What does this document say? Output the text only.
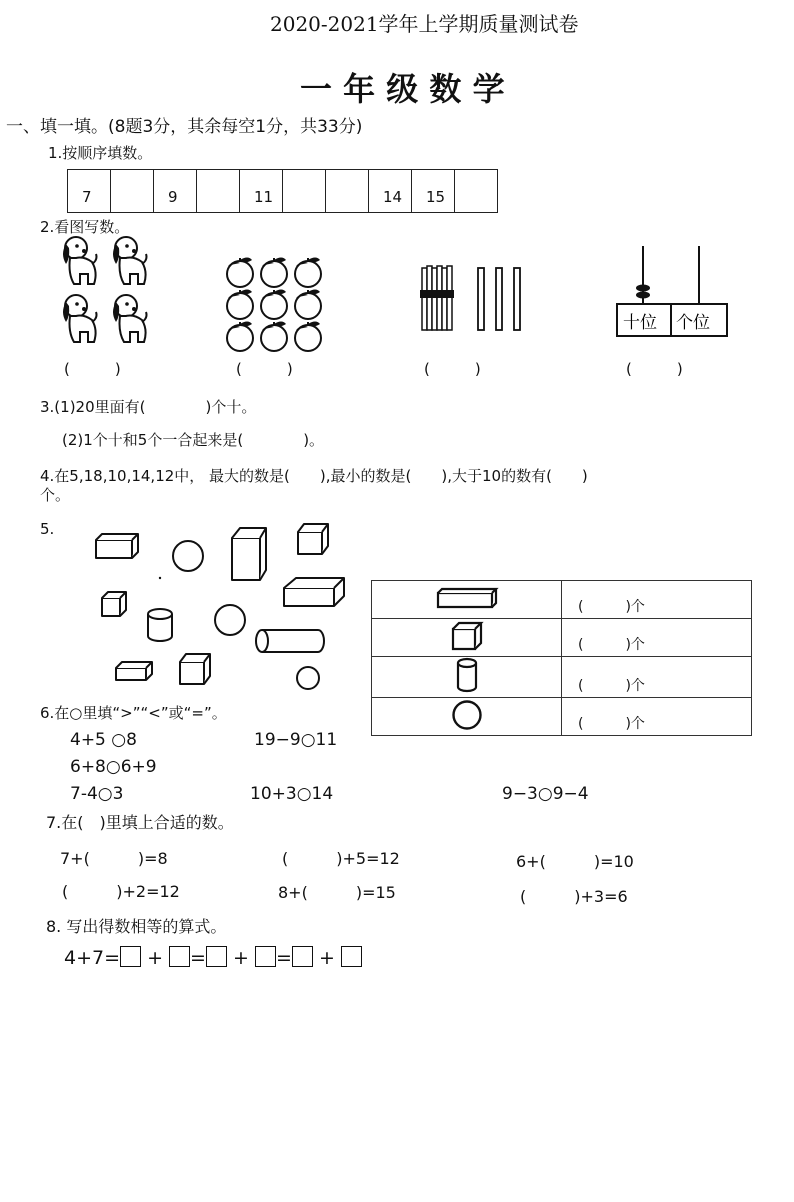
2020-2021学年上学期质量测试卷
一 年 级 数 学
一、填一填。(8题3分，其余每空1分，共33分)
1.按顺序填数。
7		9		11			14	15	
2.看图写数。
十位 个位
(　　　)	(　　　)	(　　　)	(　　　)
3.(1)20里面有(　　　　)个十。
(2)1个十和5个一合起来是(　　　　)。
4.在5,18,10,14,12中， 最大的数是(　　),最小的数是(　　),大于10的数有(　　)
个。
5.
	(　　　)个
	(　　　)个
	(　　　)个
	(　　　)个
6.在○里填“>”“<”或“=”。
4+5 ○8	19−9○11
6+8○6+9
7-4○3	10+3○14	9−3○9−4
7.在(　)里填上合适的数。
7+(　　　)=8	(　　　)+5=12	6+(　　　)=10
(　　　)+2=12	8+(　　　)=15	(　　　)+3=6
8. 写出得数相等的算式。
4+7= + = + = +
